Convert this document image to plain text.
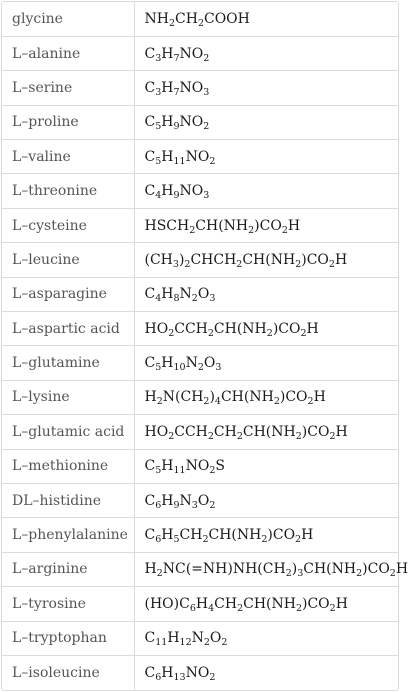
glycine	$NH_2CH_2COOH$
L–alanine	$C_3H_7NO_2$
L–serine	$C_3H_7NO_3$
L–proline	$C_5H_9NO_2$
L–valine	$C_5H_{11}NO_2$
L–threonine	$C_4H_9NO_3$
L–cysteine	$HSCH_2CH(NH_2)CO_2H$
L–leucine	$(CH_3)_2CHCH_2CH(NH_2)CO_2H$
L–asparagine	$C_4H_8N_2O_3$
L–aspartic acid	$HO_2CCH_2CH(NH_2)CO_2H$
L–glutamine	$C_5H_{10}N_2O_3$
L–lysine	$H_2N(CH_2)_4CH(NH_2)CO_2H$
L–glutamic acid	$HO_2CCH_2CH_2CH(NH_2)CO_2H$
L–methionine	$C_5H_{11}NO_2S$
DL–histidine	$C_6H_9N_3O_2$
L–phenylalanine	$C_6H_5CH_2CH(NH_2)CO_2H$
L–arginine	$H_2NC(=NH)NH(CH_2)_3CH(NH_2)CO_2H$
L–tyrosine	$(HO)C_6H_4CH_2CH(NH_2)CO_2H$
L–tryptophan	$C_{11}H_{12}N_2O_2$
L–isoleucine	$C_6H_{13}NO_2$
